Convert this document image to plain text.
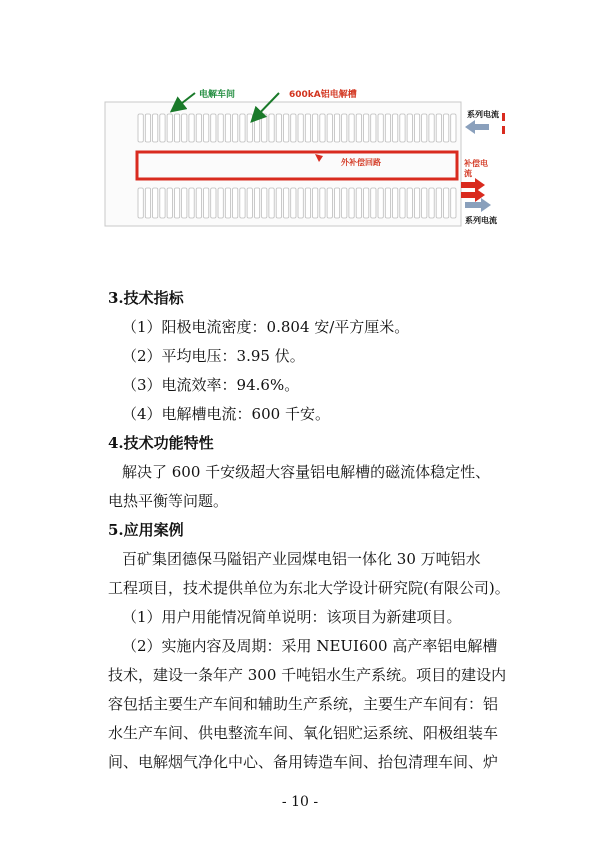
电解车间	600kA铝电解槽
外补偿回路
系列电流
补偿电
流
系列电流
3.技术指标
（1）阳极电流密度：0.804 安/平方厘米。
（2）平均电压：3.95 伏。
（3）电流效率：94.6%。
（4）电解槽电流：600 千安。
4.技术功能特性
解决了 600 千安级超大容量铝电解槽的磁流体稳定性、
电热平衡等问题。
5.应用案例
百矿集团德保马隘铝产业园煤电铝一体化 30 万吨铝水
工程项目，技术提供单位为东北大学设计研究院(有限公司)。
（1）用户用能情况简单说明：该项目为新建项目。
（2）实施内容及周期：采用 NEUI600 高产率铝电解槽
技术，建设一条年产 300 千吨铝水生产系统。项目的建设内
容包括主要生产车间和辅助生产系统，主要生产车间有：铝
水生产车间、供电整流车间、氧化铝贮运系统、阳极组装车
间、电解烟气净化中心、备用铸造车间、抬包清理车间、炉
- 10 -
